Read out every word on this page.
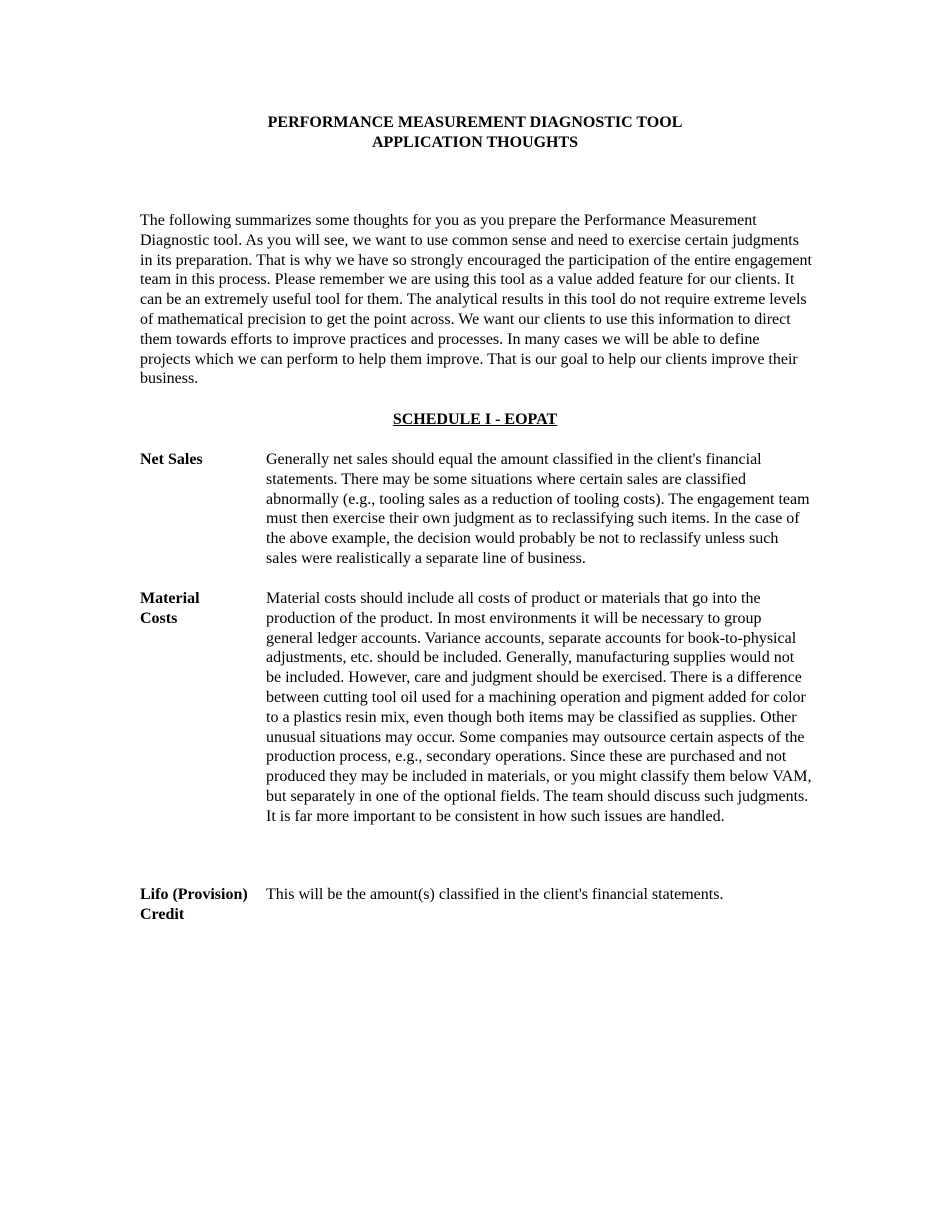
PERFORMANCE MEASUREMENT DIAGNOSTIC TOOL
APPLICATION THOUGHTS

The following summarizes some thoughts for you as you prepare the Performance Measurement Diagnostic tool. As you will see, we want to use common sense and need to exercise certain judgments in its preparation. That is why we have so strongly encouraged the participation of the entire engagement team in this process. Please remember we are using this tool as a value added feature for our clients. It can be an extremely useful tool for them. The analytical results in this tool do not require extreme levels of mathematical precision to get the point across. We want our clients to use this information to direct them towards efforts to improve practices and processes. In many cases we will be able to define projects which we can perform to help them improve. That is our goal to help our clients improve their business.

SCHEDULE I - EOPAT
Net Sales	Generally net sales should equal the amount classified in the client's financial statements. There may be some situations where certain sales are classified abnormally (e.g., tooling sales as a reduction of tooling costs). The engagement team must then exercise their own judgment as to reclassifying such items. In the case of the above example, the decision would probably be not to reclassify unless such sales were realistically a separate line of business.

Material
Costs

Material costs should include all costs of product or materials that go into the production of the product. In most environments it will be necessary to group general ledger accounts. Variance accounts, separate accounts for book-to-physical adjustments, etc. should be included. Generally, manufacturing supplies would not be included. However, care and judgment should be exercised. There is a difference between cutting tool oil used for a machining operation and pigment added for color to a plastics resin mix, even though both items may be classified as supplies. Other unusual situations may occur. Some companies may outsource certain aspects of the production process, e.g., secondary operations. Since these are purchased and not produced they may be included in materials, or you might classify them below VAM, but separately in one of the optional fields. The team should discuss such judgments. It is far more important to be consistent in how such issues are handled.

Lifo (Provision)
Credit

This will be the amount(s) classified in the client's financial statements.
